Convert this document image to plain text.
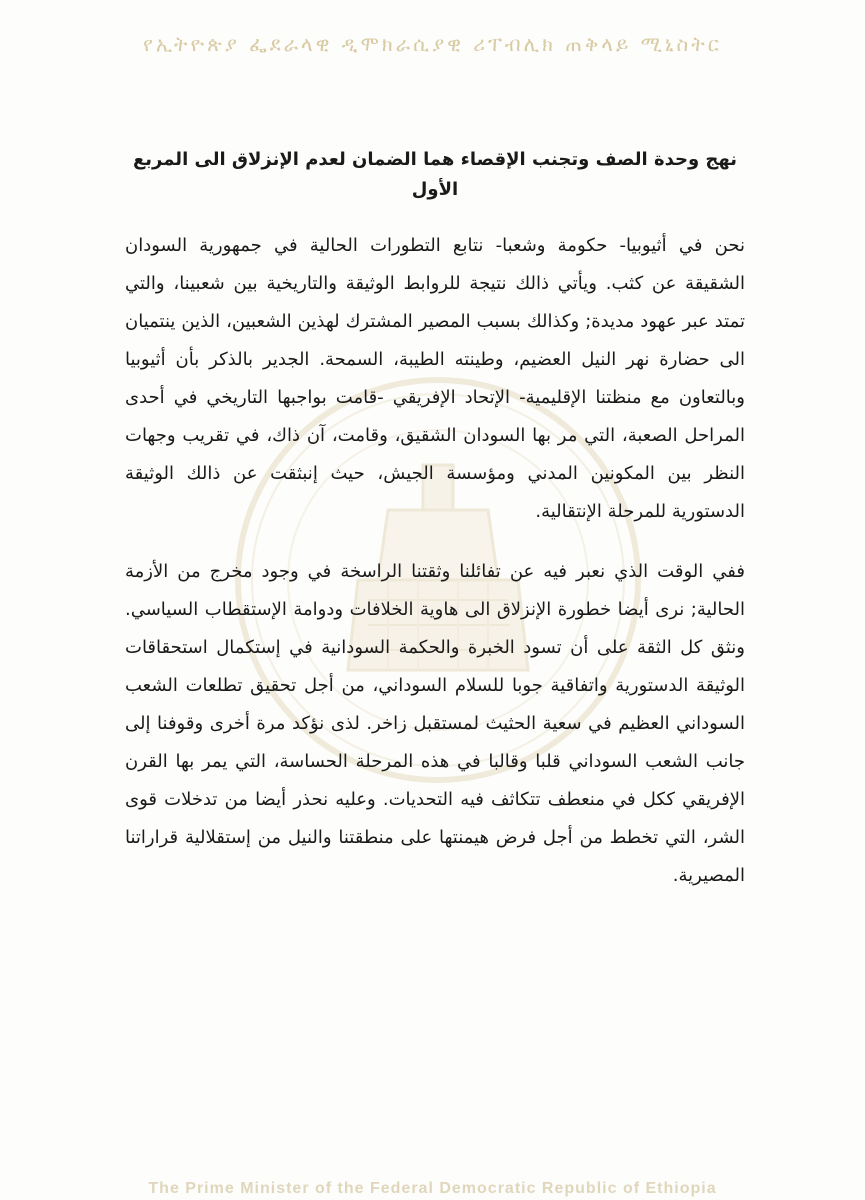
የኢትዮጵያ ፌደራላዊ ዲሞክራሲያዊ ሪፐብሊክ ጠቅላይ ሚኒስትር
نهج وحدة الصف وتجنب الإقصاء هما الضمان لعدم الإنزلاق الى المربع الأول

نحن في أثيوبيا- حكومة وشعبا- نتابع التطورات الحالية في جمهورية السودان الشقيقة عن كثب. ويأتي ذالك نتيجة للروابط الوثيقة والتاريخية بين شعبينا، والتي تمتد عبر عهود مديدة; وكذالك بسبب المصير المشترك لهذين الشعبين، الذين ينتميان الى حضارة نهر النيل العضيم، وطينته الطيبة، السمحة. الجدير بالذكر بأن أثيوبيا وبالتعاون مع منظتنا الإقليمية- الإتحاد الإفريقي -قامت بواجبها التاريخي في أحدى المراحل الصعبة، التي مر بها السودان الشقيق، وقامت، آن ذاك، في تقريب وجهات النظر بين المكونين المدني ومؤسسة الجيش، حيث إنبثقت عن ذالك الوثيقة الدستورية للمرحلة الإنتقالية.

ففي الوقت الذي نعبر فيه عن تفائلنا وثقتنا الراسخة في وجود مخرج من الأزمة الحالية; نرى أيضا خطورة الإنزلاق الى هاوية الخلافات ودوامة الإستقطاب السياسي. ونثق كل الثقة على أن تسود الخبرة والحكمة السودانية في إستكمال استحقاقات الوثيقة الدستورية واتفاقية جوبا للسلام السوداني، من أجل تحقيق تطلعات الشعب السوداني العظيم في سعية الحثيث لمستقبل زاخر. لذى نؤكد مرة أخرى وقوفنا إلى جانب الشعب السوداني قلبا وقالبا في هذه المرحلة الحساسة، التي يمر بها القرن الإفريقي ككل في منعطف تتكاثف فيه التحديات. وعليه نحذر أيضا من تدخلات قوى الشر، التي تخطط من أجل فرض هيمنتها على منطقتنا والنيل من إستقلالية قراراتنا المصيرية.

The Prime Minister of the Federal Democratic Republic of Ethiopia
